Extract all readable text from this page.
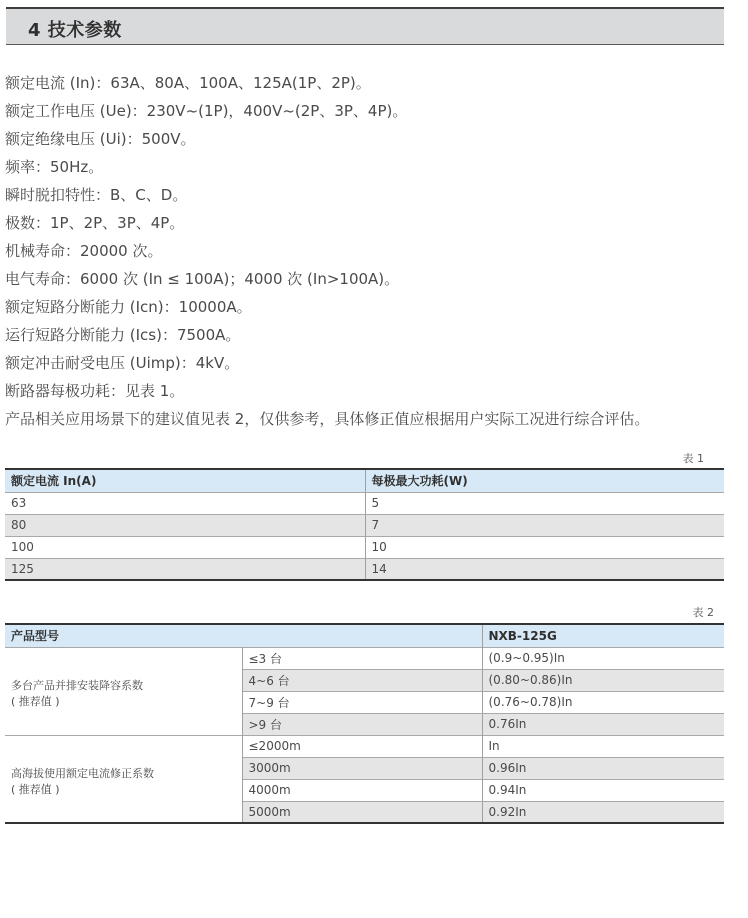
4 技术参数
额定电流 (In)：63A、80A、100A、125A(1P、2P)。
额定工作电压 (Ue)：230V~(1P)，400V~(2P、3P、4P)。
额定绝缘电压 (Ui)：500V。
频率：50Hz。
瞬时脱扣特性：B、C、D。
极数：1P、2P、3P、4P。
机械寿命：20000 次。
电气寿命：6000 次 (In ≤ 100A)；4000 次 (In>100A)。
额定短路分断能力 (Icn)：10000A。
运行短路分断能力 (Ics)：7500A。
额定冲击耐受电压 (Uimp)：4kV。
断路器每极功耗：见表 1。
产品相关应用场景下的建议值见表 2，仅供参考，具体修正值应根据用户实际工况进行综合评估。
表 1
额定电流 In(A)	每极最大功耗(W)
63	5
80	7
100	10
125	14
表 2
产品型号		NXB-125G

多台产品并排安装降容系数
( 推荐值 )	≤3 台	(0.9~0.95)In
	4~6 台	(0.80~0.86)In
	7~9 台	(0.76~0.78)In
	>9 台	0.76In

高海拔使用额定电流修正系数
( 推荐值 )	≤2000m	In
	3000m	0.96In
	4000m	0.94In
	5000m	0.92In
